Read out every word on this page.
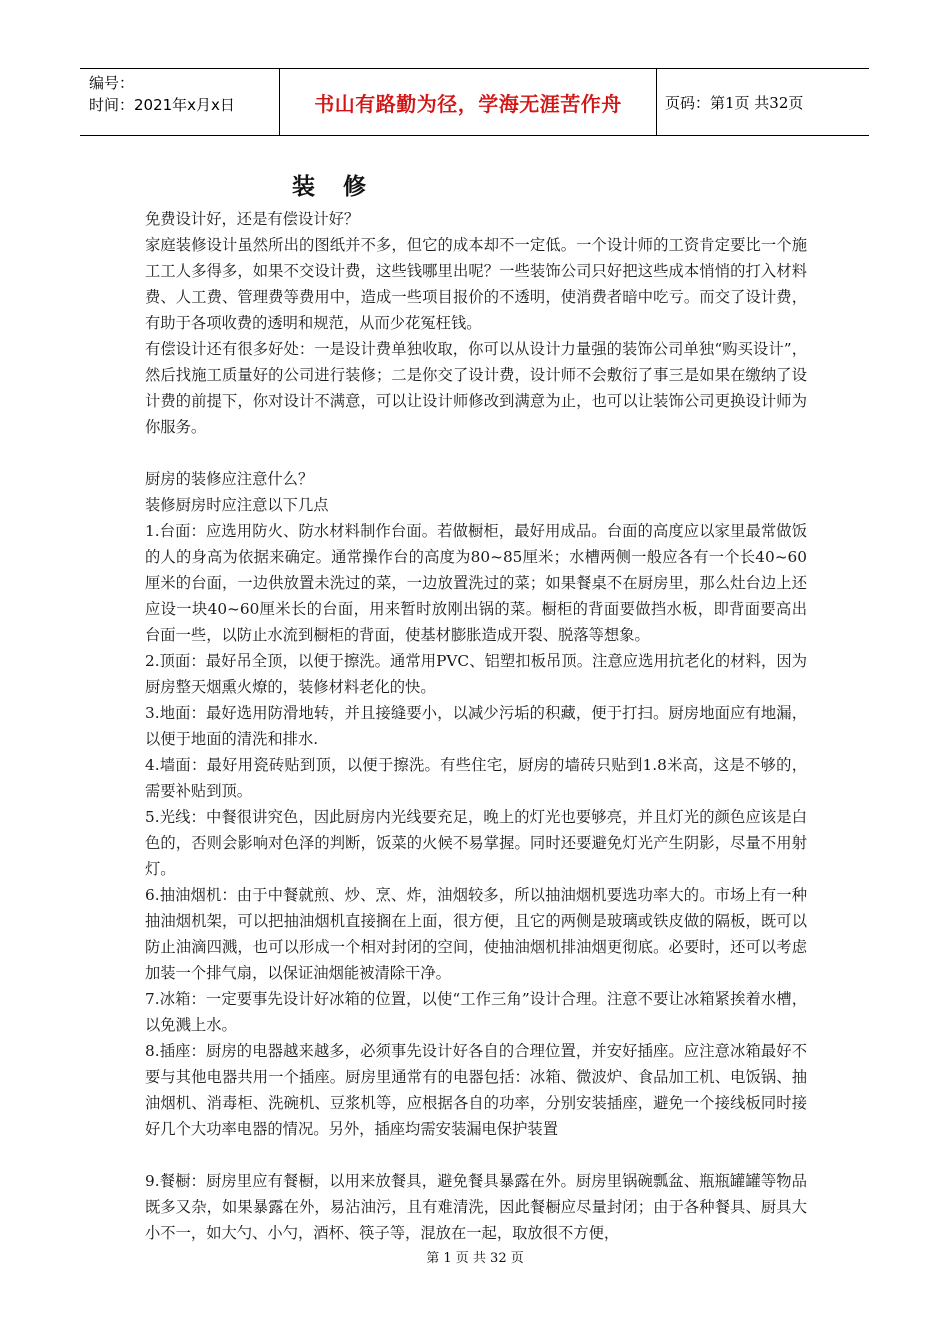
编号：
时间：2021年x月x日	书山有路勤为径，学海无涯苦作舟	页码：第1页 共32页
装修

免费设计好，还是有偿设计好？

家庭装修设计虽然所出的图纸并不多，但它的成本却不一定低。一个设计师的工资肯定要比一个施工工人多得多，如果不交设计费，这些钱哪里出呢？一些装饰公司只好把这些成本悄悄的打入材料费、人工费、管理费等费用中，造成一些项目报价的不透明，使消费者暗中吃亏。而交了设计费，有助于各项收费的透明和规范，从而少花冤枉钱。

有偿设计还有很多好处：一是设计费单独收取，你可以从设计力量强的装饰公司单独“购买设计”，然后找施工质量好的公司进行装修；二是你交了设计费，设计师不会敷衍了事三是如果在缴纳了设计费的前提下，你对设计不满意，可以让设计师修改到满意为止，也可以让装饰公司更换设计师为你服务。

厨房的装修应注意什么？

装修厨房时应注意以下几点

1.台面：应选用防火、防水材料制作台面。若做橱柜，最好用成品。台面的高度应以家里最常做饭的人的身高为依据来确定。通常操作台的高度为80~85厘米；水槽两侧一般应各有一个长40~60厘米的台面，一边供放置未洗过的菜，一边放置洗过的菜；如果餐桌不在厨房里，那么灶台边上还应设一块40~60厘米长的台面，用来暂时放刚出锅的菜。橱柜的背面要做挡水板，即背面要高出台面一些，以防止水流到橱柜的背面，使基材膨胀造成开裂、脱落等想象。

2.顶面：最好吊全顶，以便于擦洗。通常用PVC、铝塑扣板吊顶。注意应选用抗老化的材料，因为厨房整天烟熏火燎的，装修材料老化的快。

3.地面：最好选用防滑地转，并且接缝要小，以减少污垢的积藏，便于打扫。厨房地面应有地漏，以便于地面的清洗和排水.

4.墙面：最好用瓷砖贴到顶，以便于擦洗。有些住宅，厨房的墙砖只贴到1.8米高，这是不够的，需要补贴到顶。

5.光线：中餐很讲究色，因此厨房内光线要充足，晚上的灯光也要够亮，并且灯光的颜色应该是白色的，否则会影响对色泽的判断，饭菜的火候不易掌握。同时还要避免灯光产生阴影，尽量不用射灯。

6.抽油烟机：由于中餐就煎、炒、烹、炸，油烟较多，所以抽油烟机要选功率大的。市场上有一种抽油烟机架，可以把抽油烟机直接搁在上面，很方便，且它的两侧是玻璃或铁皮做的隔板，既可以防止油滴四溅，也可以形成一个相对封闭的空间，使抽油烟机排油烟更彻底。必要时，还可以考虑加装一个排气扇，以保证油烟能被清除干净。

7.冰箱：一定要事先设计好冰箱的位置，以使“工作三角”设计合理。注意不要让冰箱紧挨着水槽，以免溅上水。

8.插座：厨房的电器越来越多，必须事先设计好各自的合理位置，并安好插座。应注意冰箱最好不要与其他电器共用一个插座。厨房里通常有的电器包括：冰箱、微波炉、食品加工机、电饭锅、抽油烟机、消毒柜、洗碗机、豆浆机等，应根据各自的功率，分别安装插座，避免一个接线板同时接好几个大功率电器的情况。另外，插座均需安装漏电保护装置

9.餐橱：厨房里应有餐橱，以用来放餐具，避免餐具暴露在外。厨房里锅碗瓢盆、瓶瓶罐罐等物品既多又杂，如果暴露在外，易沾油污，且有难清洗，因此餐橱应尽量封闭；由于各种餐具、厨具大小不一，如大勺、小勺，酒杯、筷子等，混放在一起，取放很不方便，

第 1 页 共 32 页
